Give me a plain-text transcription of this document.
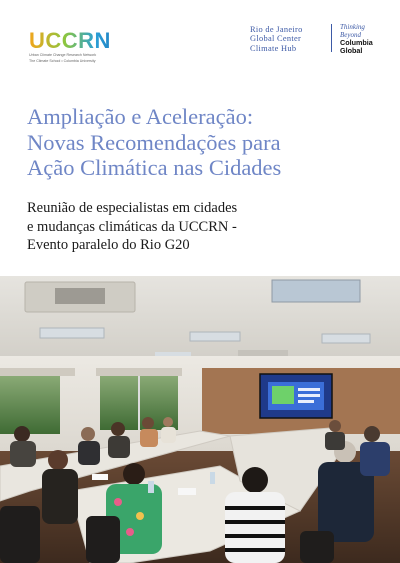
UCCRN
Urban Climate Change Research Network
The Climate School • Columbia University
Rio de Janeiro
Global Center
Climate Hub
Thinking
Beyond
Columbia
Global
Ampliação e Aceleração:
Novas Recomendações para
Ação Climática nas Cidades
Reunião de especialistas em cidades
e mudanças climáticas da UCCRN -
Evento paralelo do Rio G20
